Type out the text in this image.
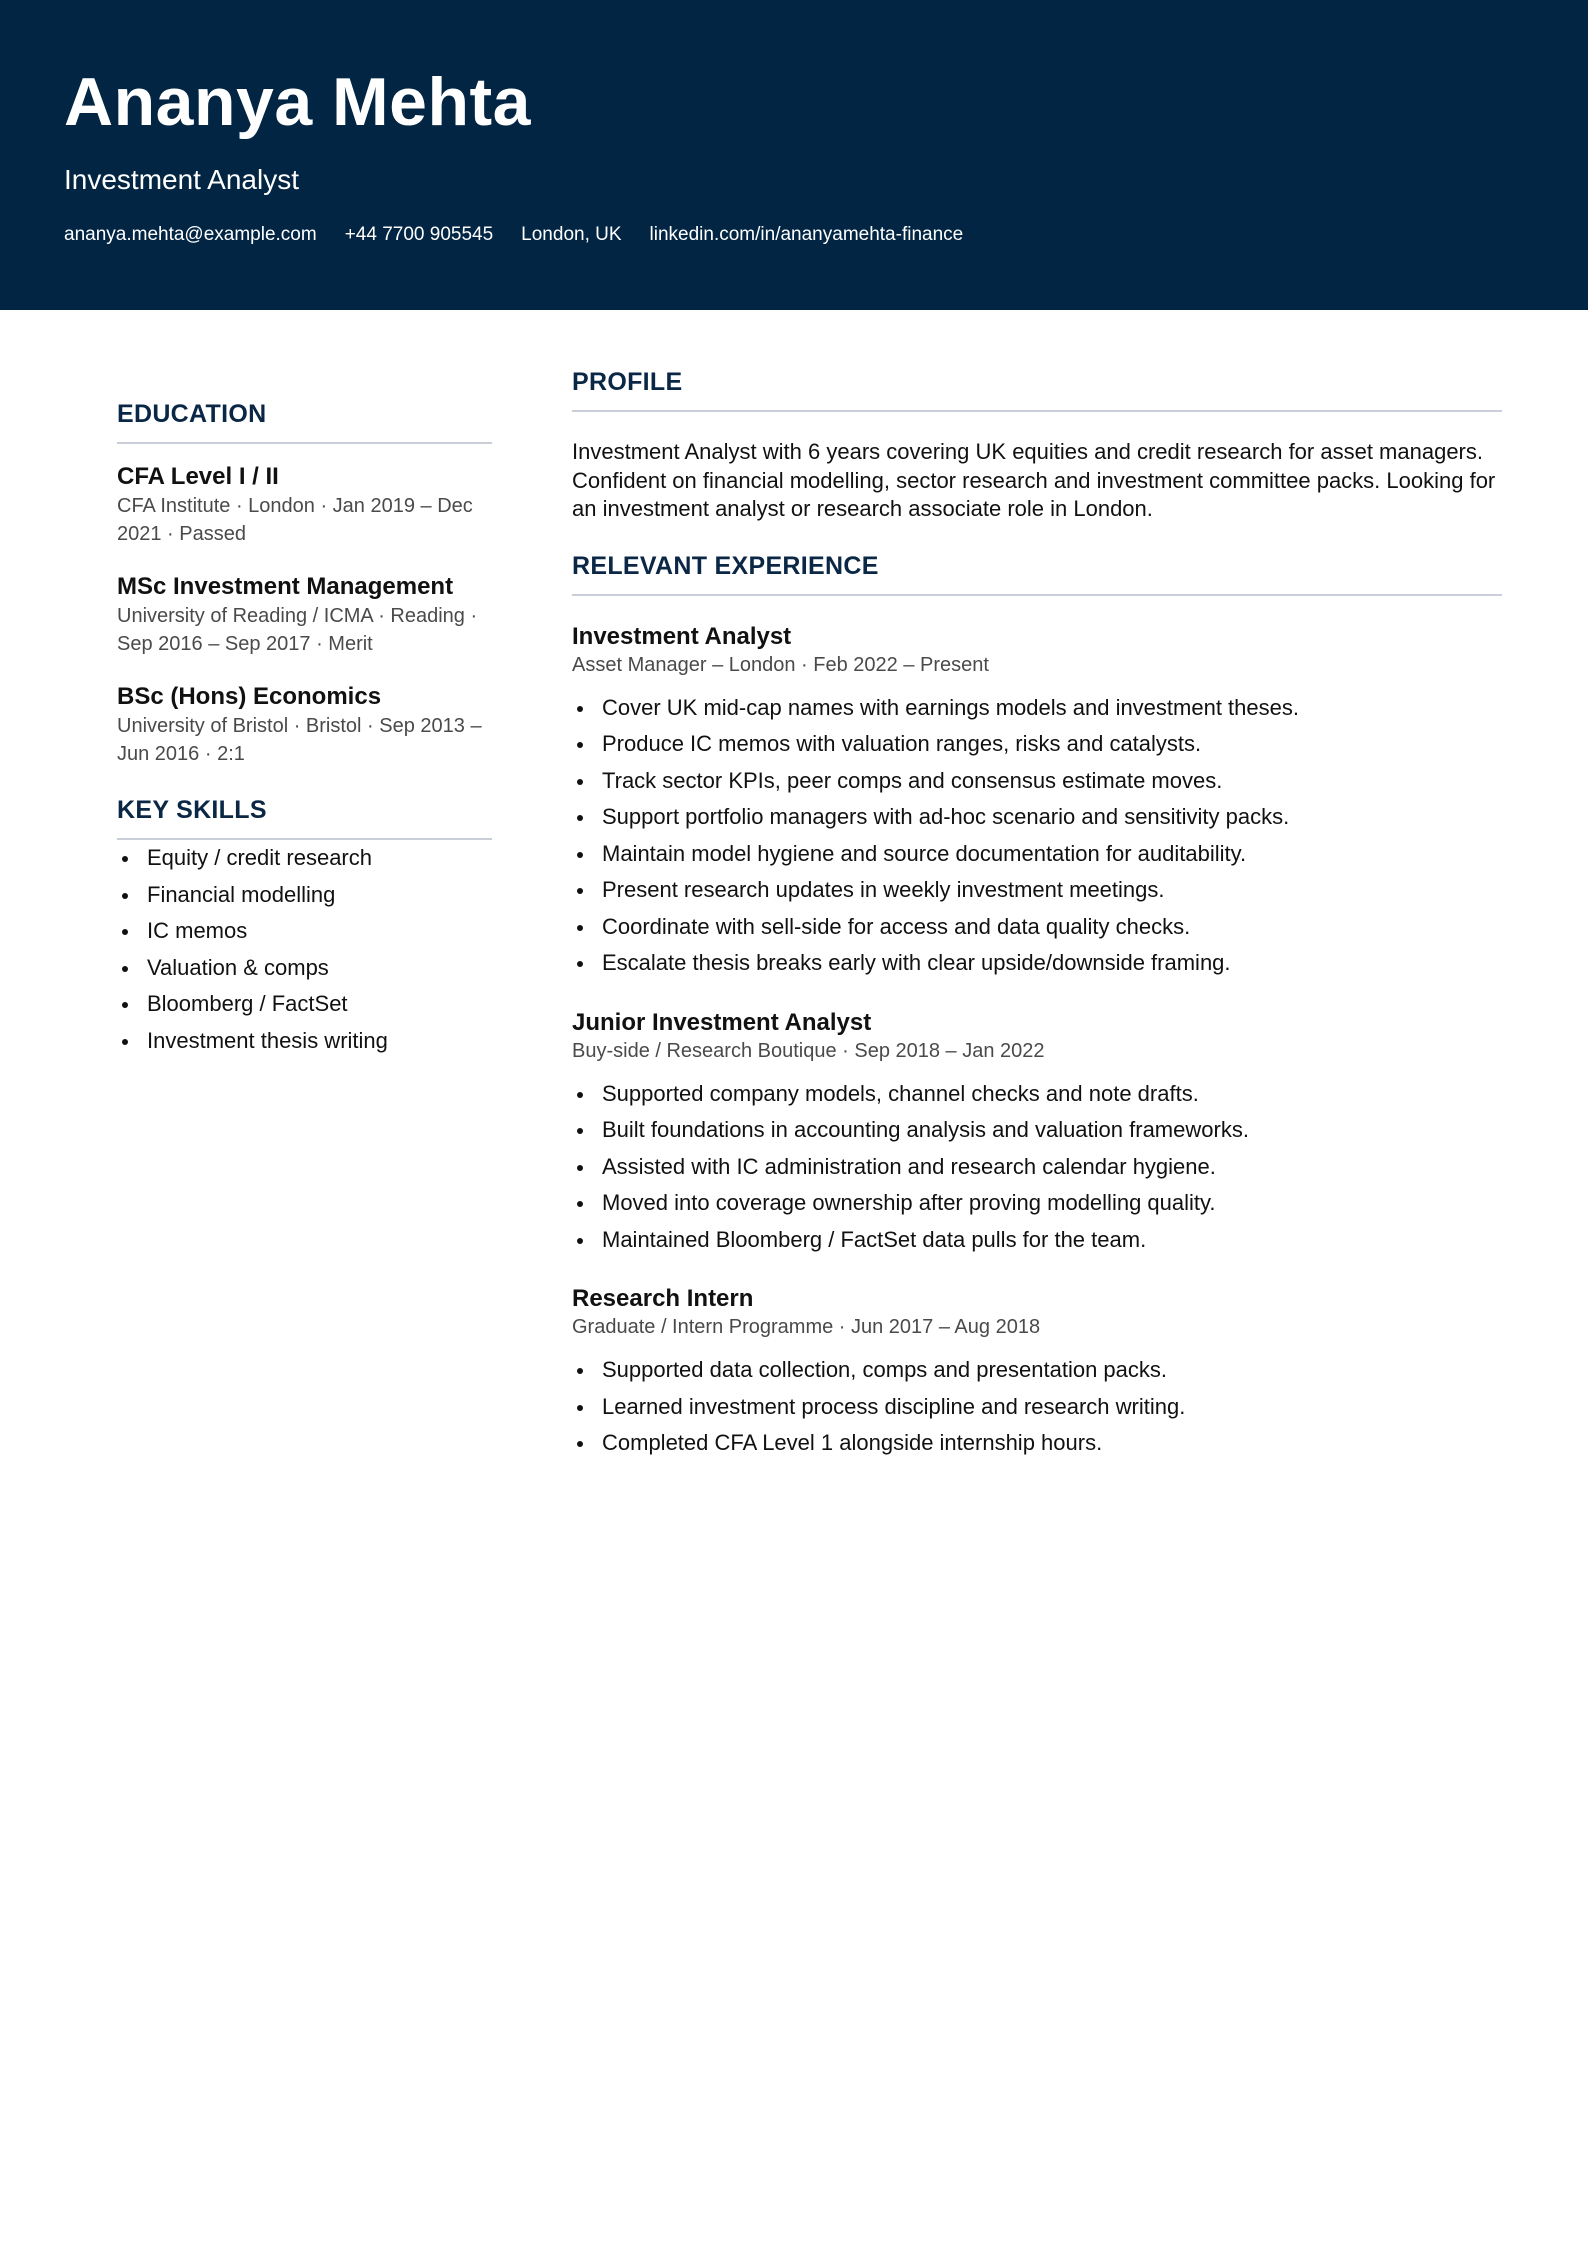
Ananya Mehta
Investment Analyst
ananya.mehta@example.com +44 7700 905545 London, UK linkedin.com/in/ananyamehta-finance
EDUCATION
CFA Level I / II
CFA Institute · London · Jan 2019 – Dec 2021 · Passed
MSc Investment Management
University of Reading / ICMA · Reading · Sep 2016 – Sep 2017 · Merit
BSc (Hons) Economics
University of Bristol · Bristol · Sep 2013 – Jun 2016 · 2:1
KEY SKILLS
Equity / credit research
Financial modelling
IC memos
Valuation & comps
Bloomberg / FactSet
Investment thesis writing
PROFILE
Investment Analyst with 6 years covering UK equities and credit research for asset managers. Confident on financial modelling, sector research and investment committee packs. Looking for an investment analyst or research associate role in London.
RELEVANT EXPERIENCE
Investment Analyst
Asset Manager – London · Feb 2022 – Present
Cover UK mid-cap names with earnings models and investment theses.
Produce IC memos with valuation ranges, risks and catalysts.
Track sector KPIs, peer comps and consensus estimate moves.
Support portfolio managers with ad-hoc scenario and sensitivity packs.
Maintain model hygiene and source documentation for auditability.
Present research updates in weekly investment meetings.
Coordinate with sell-side for access and data quality checks.
Escalate thesis breaks early with clear upside/downside framing.
Junior Investment Analyst
Buy-side / Research Boutique · Sep 2018 – Jan 2022
Supported company models, channel checks and note drafts.
Built foundations in accounting analysis and valuation frameworks.
Assisted with IC administration and research calendar hygiene.
Moved into coverage ownership after proving modelling quality.
Maintained Bloomberg / FactSet data pulls for the team.
Research Intern
Graduate / Intern Programme · Jun 2017 – Aug 2018
Supported data collection, comps and presentation packs.
Learned investment process discipline and research writing.
Completed CFA Level 1 alongside internship hours.
